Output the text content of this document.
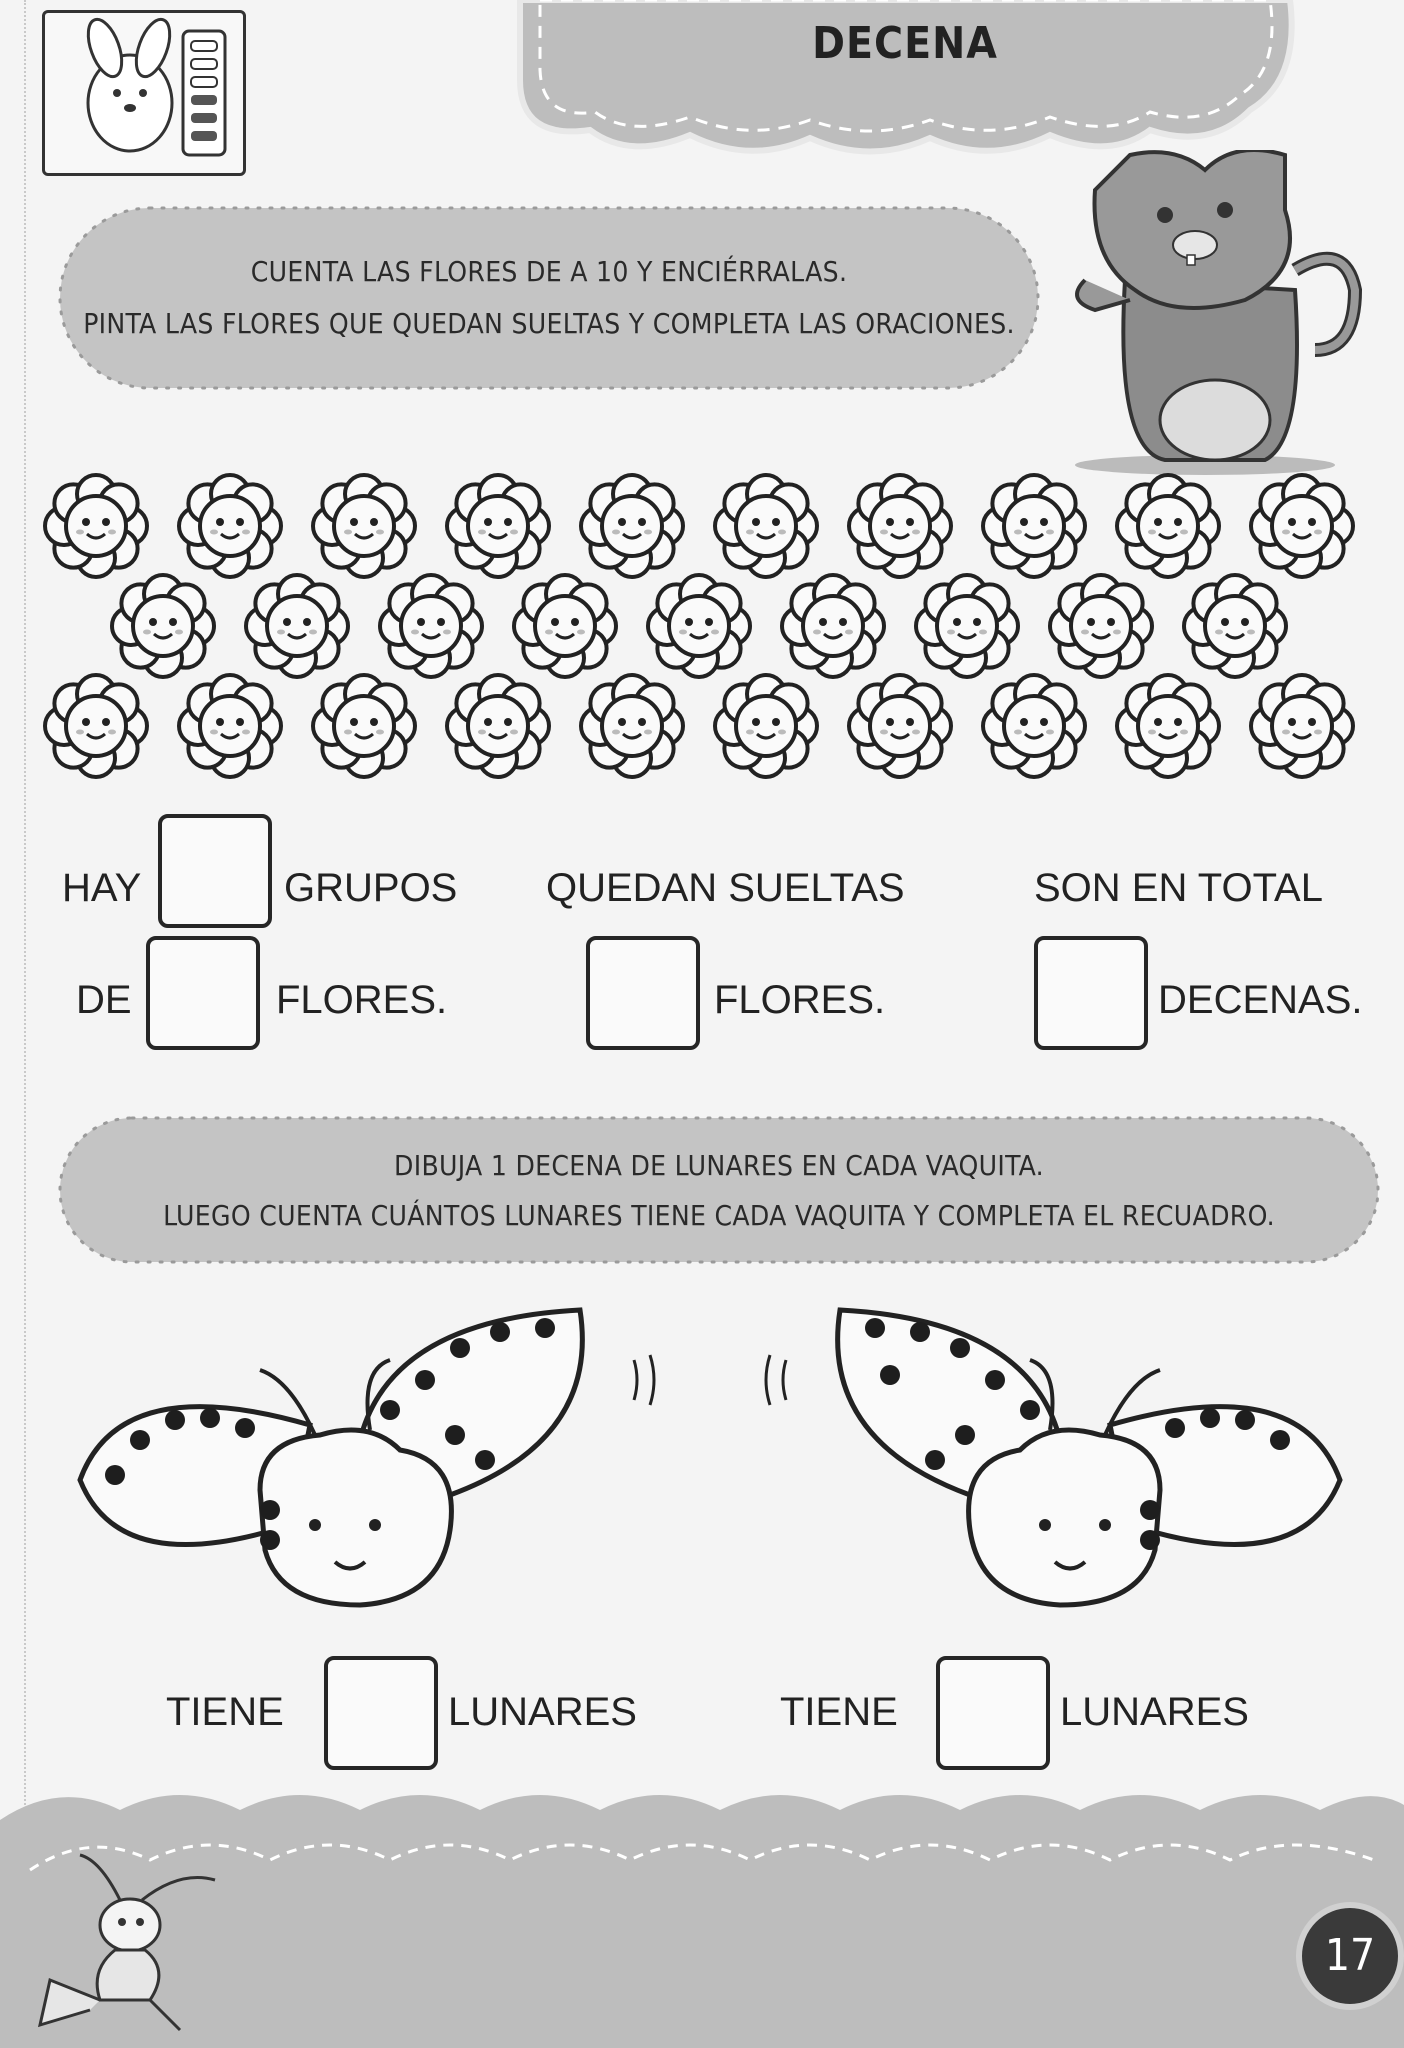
DECENA
CUENTA LAS FLORES DE A 10 Y ENCIÉRRALAS.
PINTA LAS FLORES QUE QUEDAN SUELTAS Y COMPLETA LAS ORACIONES.
HAY	GRUPOS
DE	FLORES.
QUEDAN SUELTAS
FLORES.
SON EN TOTAL
DECENAS.
DIBUJA 1 DECENA DE LUNARES EN CADA VAQUITA.
LUEGO CUENTA CUÁNTOS LUNARES TIENE CADA VAQUITA Y COMPLETA EL RECUADRO.
TIENE	LUNARES	TIENE	LUNARES
17
